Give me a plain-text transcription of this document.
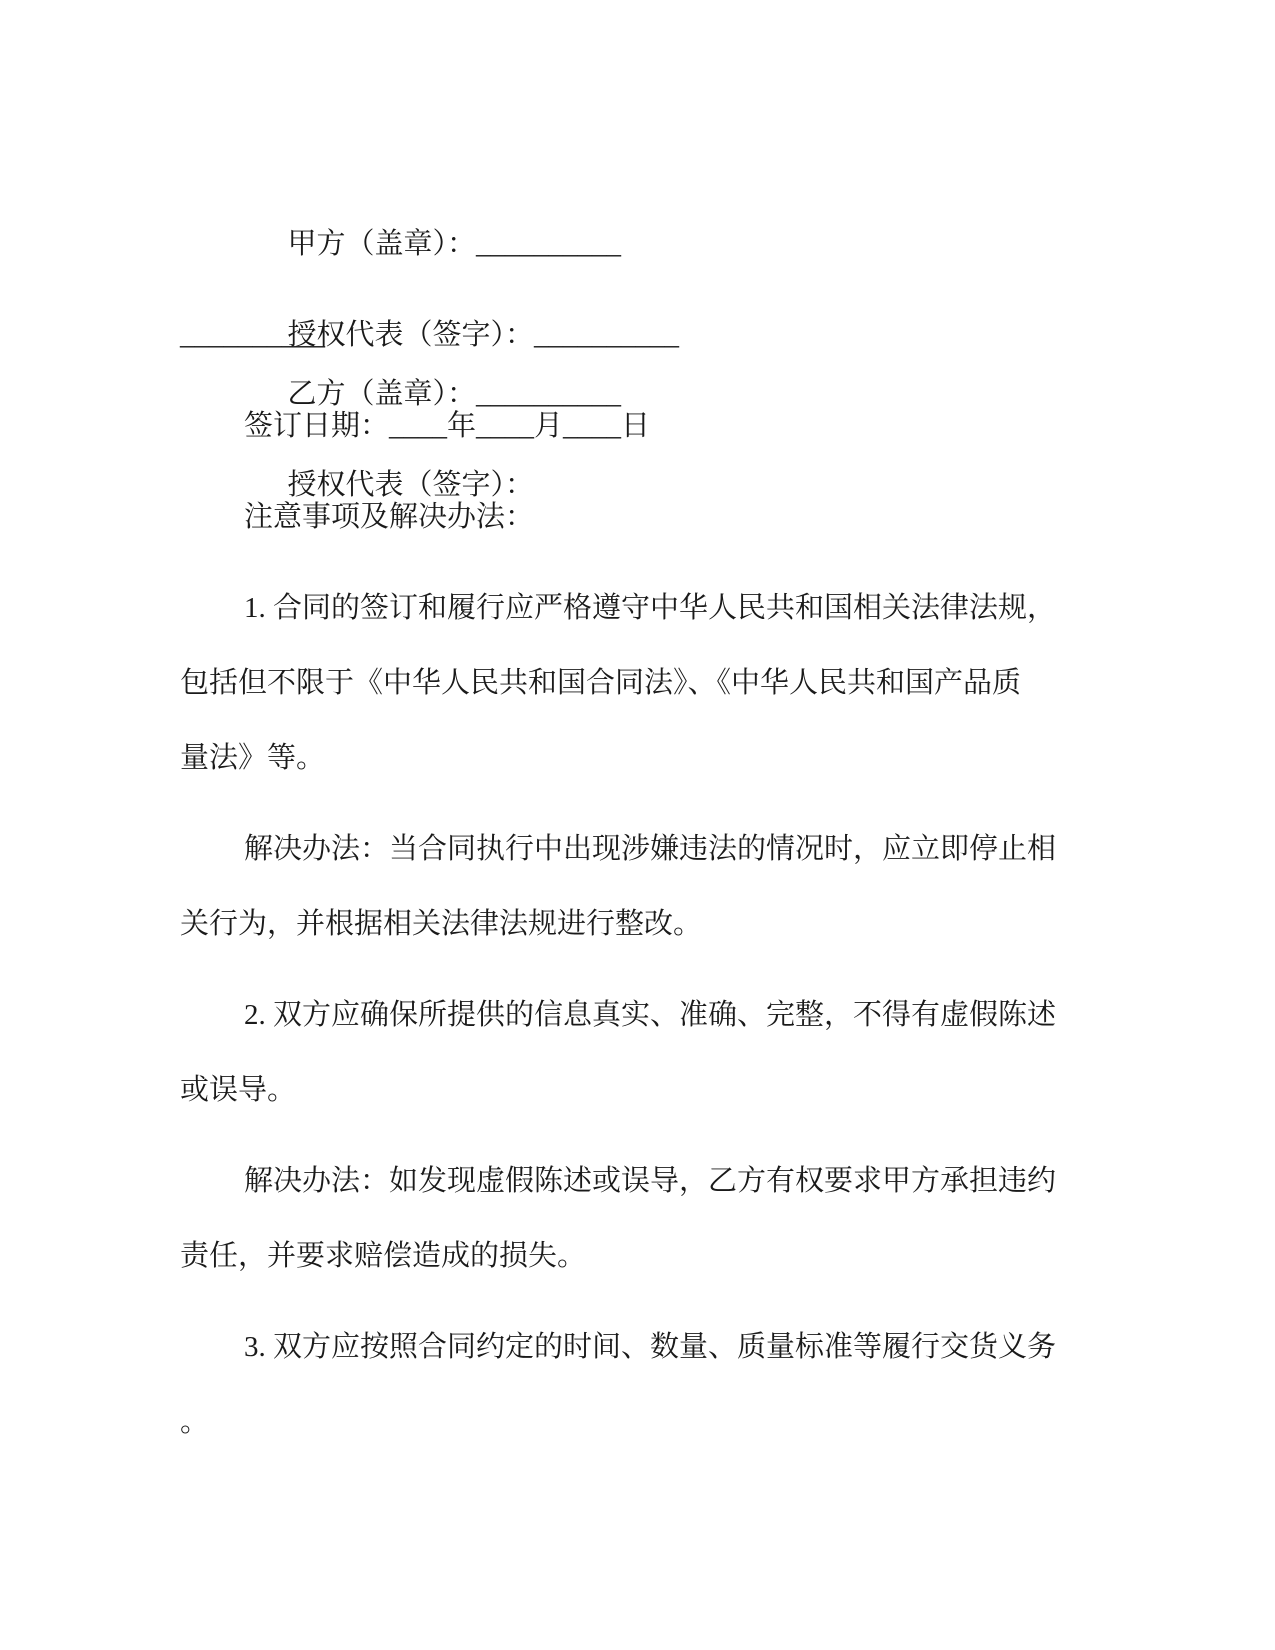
甲方（盖章）：__________

乙方（盖章）：__________

授权代表（签字）：__________

授权代表（签字）：

__________
签订日期：____年____月____日
注意事项及解决办法：
1. 合同的签订和履行应严格遵守中华人民共和国相关法律法规，
包括但不限于《中华人民共和国合同法》、《中华人民共和国产品质
量法》等。
解决办法：当合同执行中出现涉嫌违法的情况时，应立即停止相
关行为，并根据相关法律法规进行整改。
2. 双方应确保所提供的信息真实、准确、完整，不得有虚假陈述
或误导。
解决办法：如发现虚假陈述或误导，乙方有权要求甲方承担违约
责任，并要求赔偿造成的损失。
3. 双方应按照合同约定的时间、数量、质量标准等履行交货义务
。
